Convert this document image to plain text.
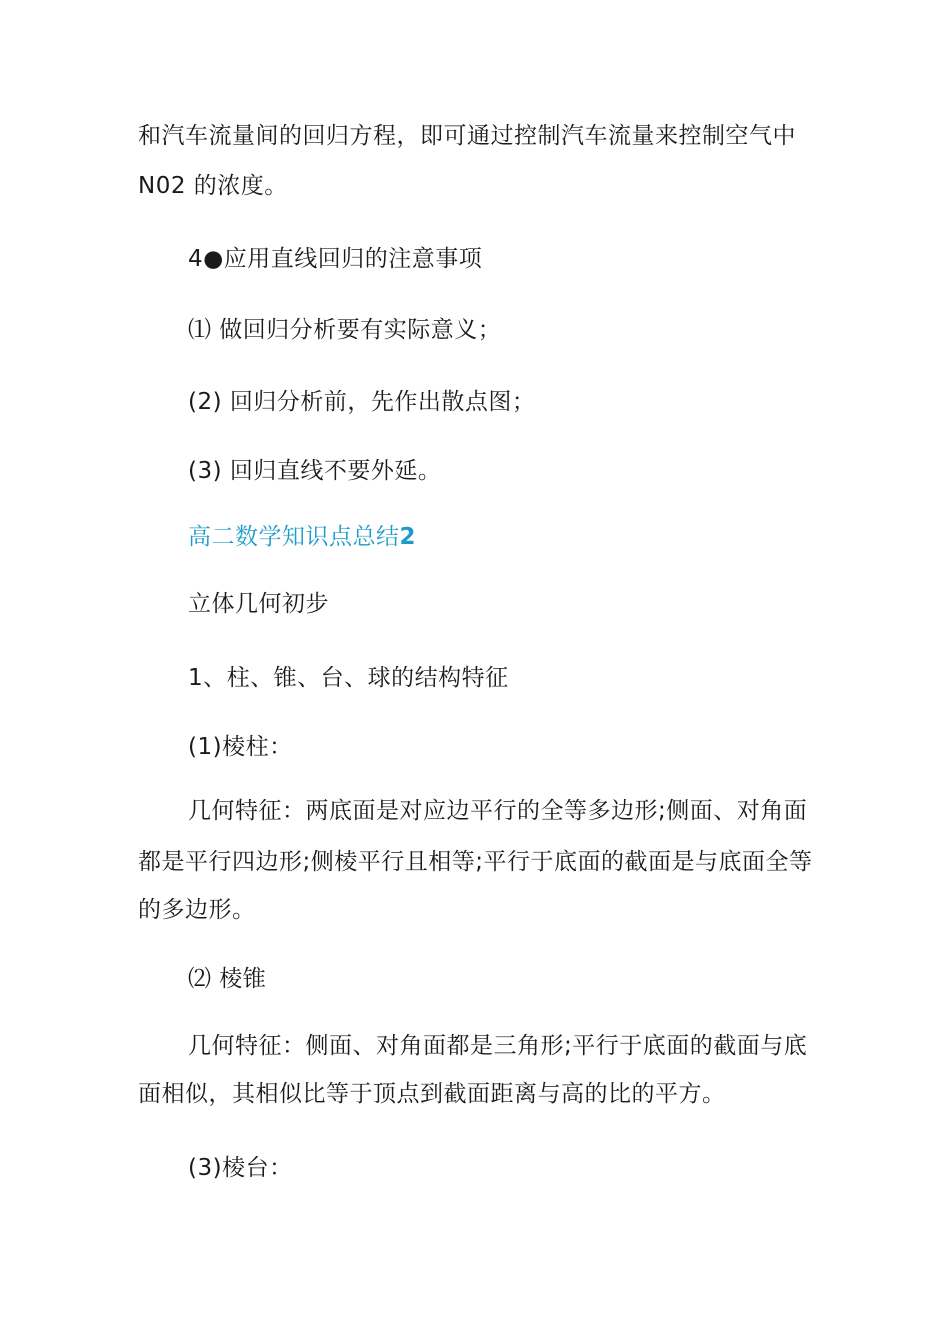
和汽车流量间的回归方程，即可通过控制汽车流量来控制空气中
N02 的浓度。
4●应用直线回归的注意事项
⑴ 做回归分析要有实际意义；
(2) 回归分析前，先作出散点图；
(3) 回归直线不要外延。
高二数学知识点总结2
立体几何初步
1、柱、锥、台、球的结构特征
(1)棱柱：
几何特征：两底面是对应边平行的全等多边形;侧面、对角面
都是平行四边形;侧棱平行且相等;平行于底面的截面是与底面全等
的多边形。
⑵ 棱锥
几何特征：侧面、对角面都是三角形;平行于底面的截面与底
面相似，其相似比等于顶点到截面距离与高的比的平方。
(3)棱台：
